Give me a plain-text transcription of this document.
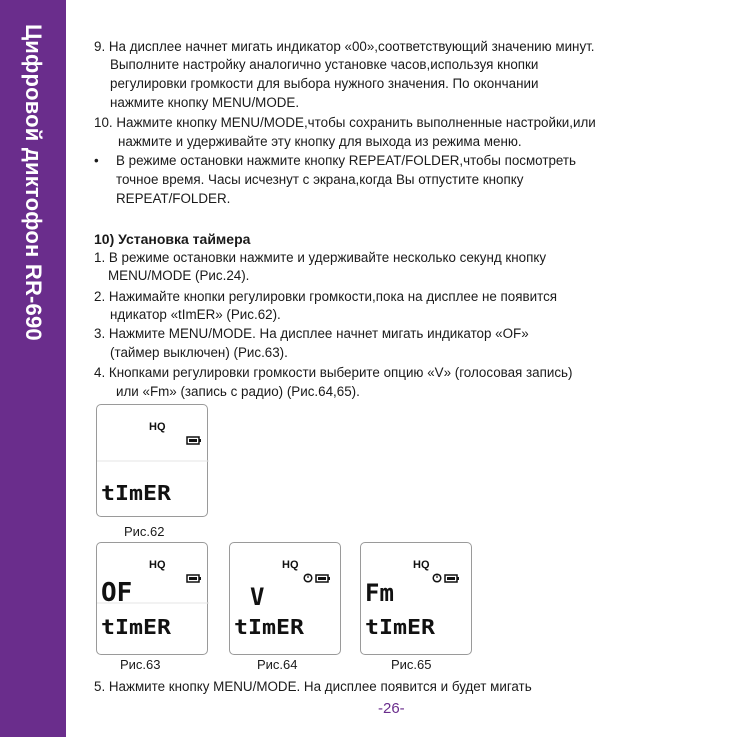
Цифровой диктофон RR-690	9. На дисплее начнет мигать индикатор «00»,соответствующий значению минут.
Выполните настройку аналогично установке часов,используя кнопки
регулировки громкости для выбора нужного значения. По окончании
нажмите кнопку MENU/MODE.
10. Нажмите кнопку MENU/MODE,чтобы сохранить выполненные настройки,или
нажмите и удерживайте эту кнопку для выхода из режима меню.
• В режиме остановки нажмите кнопку REPEAT/FOLDER,чтобы посмотреть
точное время. Часы исчезнут с экрана,когда Вы отпустите кнопку
REPEAT/FOLDER.
10) Установка таймера
1. В режиме остановки нажмите и удерживайте несколько секунд кнопку
MENU/MODE (Рис.24).
2. Нажимайте кнопки регулировки громкости,пока на дисплее не появится
ндикатор «tImER» (Рис.62).
3. Нажмите MENU/MODE. На дисплее начнет мигать индикатор «OF»
(таймер выключен) (Рис.63).
4. Кнопками регулировки громкости выберите опцию «V» (голосовая запись)
или «Fm» (запись с радио) (Рис.64,65).
HQ
tImER
Рис.62
HQ
OF
tImER
Рис.63
HQ
V
tImER
Рис.64
HQ
Fm
tImER
Рис.65
5. Нажмите кнопку MENU/MODE. На дисплее появится и будет мигать
-26-
